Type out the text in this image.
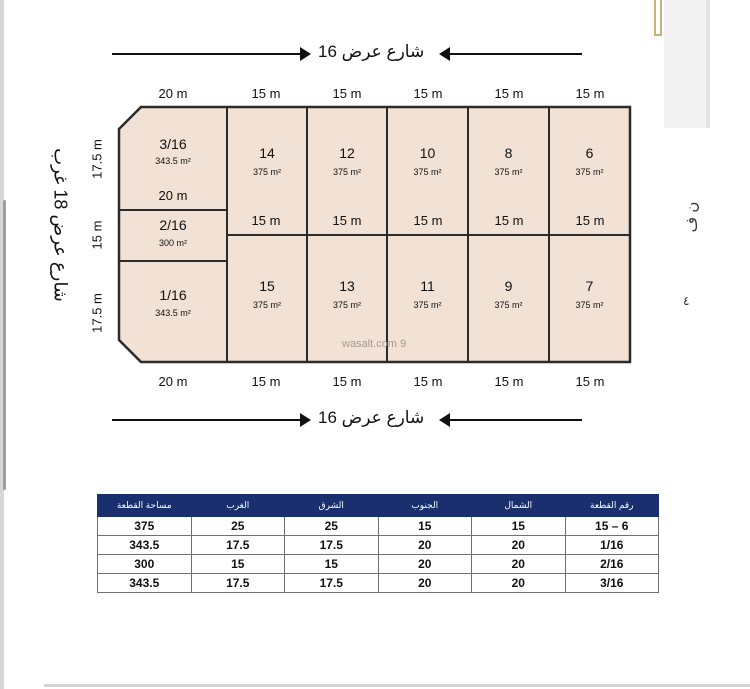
ن ف
٤
شارع عرض 16
شارع عرض 16
شارع عرض 18 غرب
20 m	15 m	15 m	15 m	15 m	15 m
20 m	15 m	15 m	15 m	15 m	15 m
17.5 m
15 m
17.5 m
3/16
343.5 m²
20 m
2/16
300 m²
1/16
343.5 m²
14
375 m²
12
375 m²
10
375 m²
8
375 m²
6
375 m²
15 m	15 m	15 m	15 m	15 m
15
375 m²
13
375 m²
11
375 m²
9
375 m²
7
375 m²
wasalt.com 9
رقم القطعة	الشمال	الجنوب	الشرق	الغرب	مساحة القطعة
6 – 15	15	15	25	25	375
1/16	20	20	17.5	17.5	343.5
2/16	20	20	15	15	300
3/16	20	20	17.5	17.5	343.5
